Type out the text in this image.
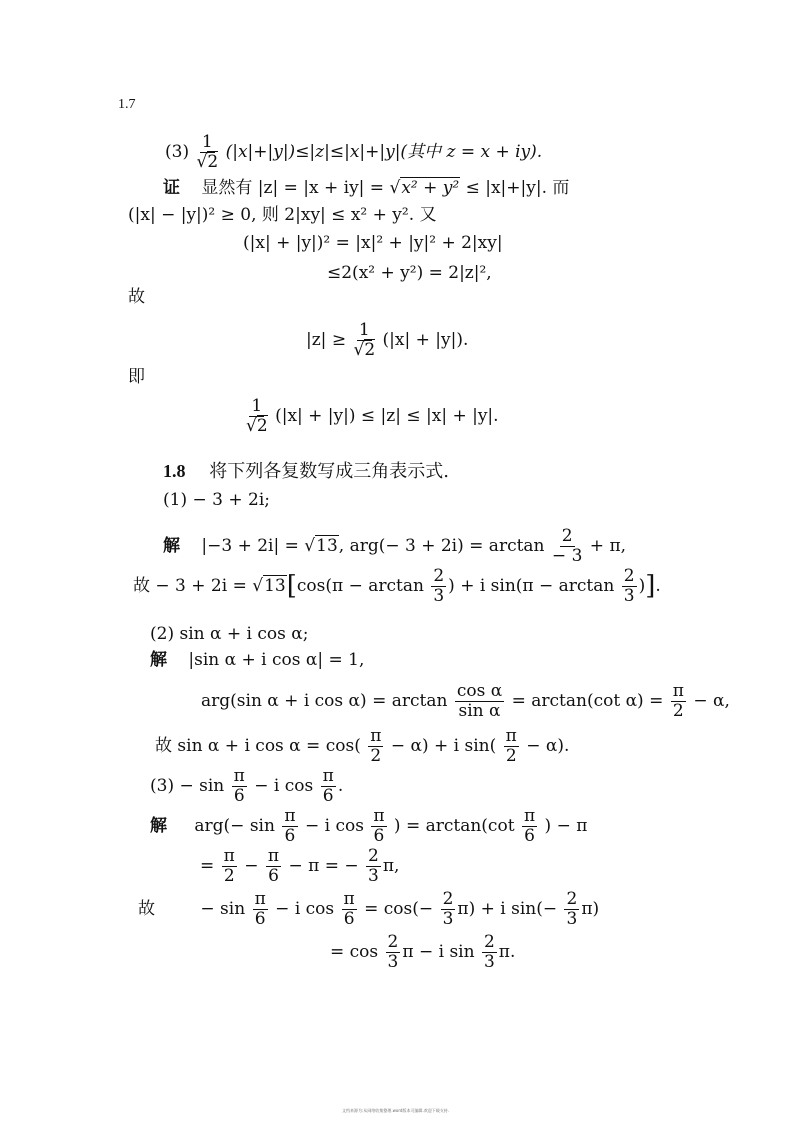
1.7
$(3) \frac{1}{√2} (|x|+|y|)\le|z|\le|x|+|y|$(其中 z = x + iy).
证 显然有 |z| = |x + iy| = √x² + y² ≤ |x|+|y|. 而
(|x| − |y|)² ≥ 0, 则 2|xy| ≤ x² + y². 又
(|x| + |y|)² = |x|² + |y|² + 2|xy|
≤2(x² + y²) = 2|z|²,
故
$|z| \ge \frac{1}{√2} (|x| + |y|)$.
即
$\frac{1}{√2} (|x| + |y|) \le |z| \le |x| + |y|$.
1.8 将下列各复数写成三角表示式.
(1) − 3 + 2i;
解 |−3 + 2i| = √13, $arg(- 3 + 2i) = \arctan \frac{2}{- 3} + \pi$,
故 − $3 + 2i = √13[\cos(\pi - \arctan \frac{2}{3}$ ) + i $\sin(\pi - \arctan \frac{2}{3}$ )].
(2) sin α + i cos α;
解 |sin α + i cos α| = 1,
arg(sin α + i $\cos \alpha) = \arctan \frac{\text{cos α}}{\text{sin α}} = \arctan(\cot$ $\alpha) = \frac{\pi}{2} - \alpha$,
故 sin α + i $\cos \alpha = \cos( \frac{\pi}{2} - \alpha) + i$ $\sin( \frac{\pi}{2} - \alpha)$.
$(3) - \sin \frac{\pi}{6} - i$ $\cos \frac{\pi}{6}$ .
解 $arg(- \sin \frac{\pi}{6} - i$ $\cos \frac{\pi}{6}$ ) = $\arctan(\cot \frac{\pi}{6}$ ) − π
= $\frac{\pi}{2} - \frac{\pi}{6} - \pi$ = − $\frac{2}{3} \pi$,
故	− $\sin \frac{\pi}{6} - i$ $\cos \frac{\pi}{6} = \cos(- \frac{2}{3} \pi) + i$ $\sin(- \frac{2}{3} \pi)$
= $\cos \frac{2}{3}$ π − i $\sin \frac{2}{3} \pi$.
文档来源为:从网络收集整理.word版本可编辑.欢迎下载支持.
